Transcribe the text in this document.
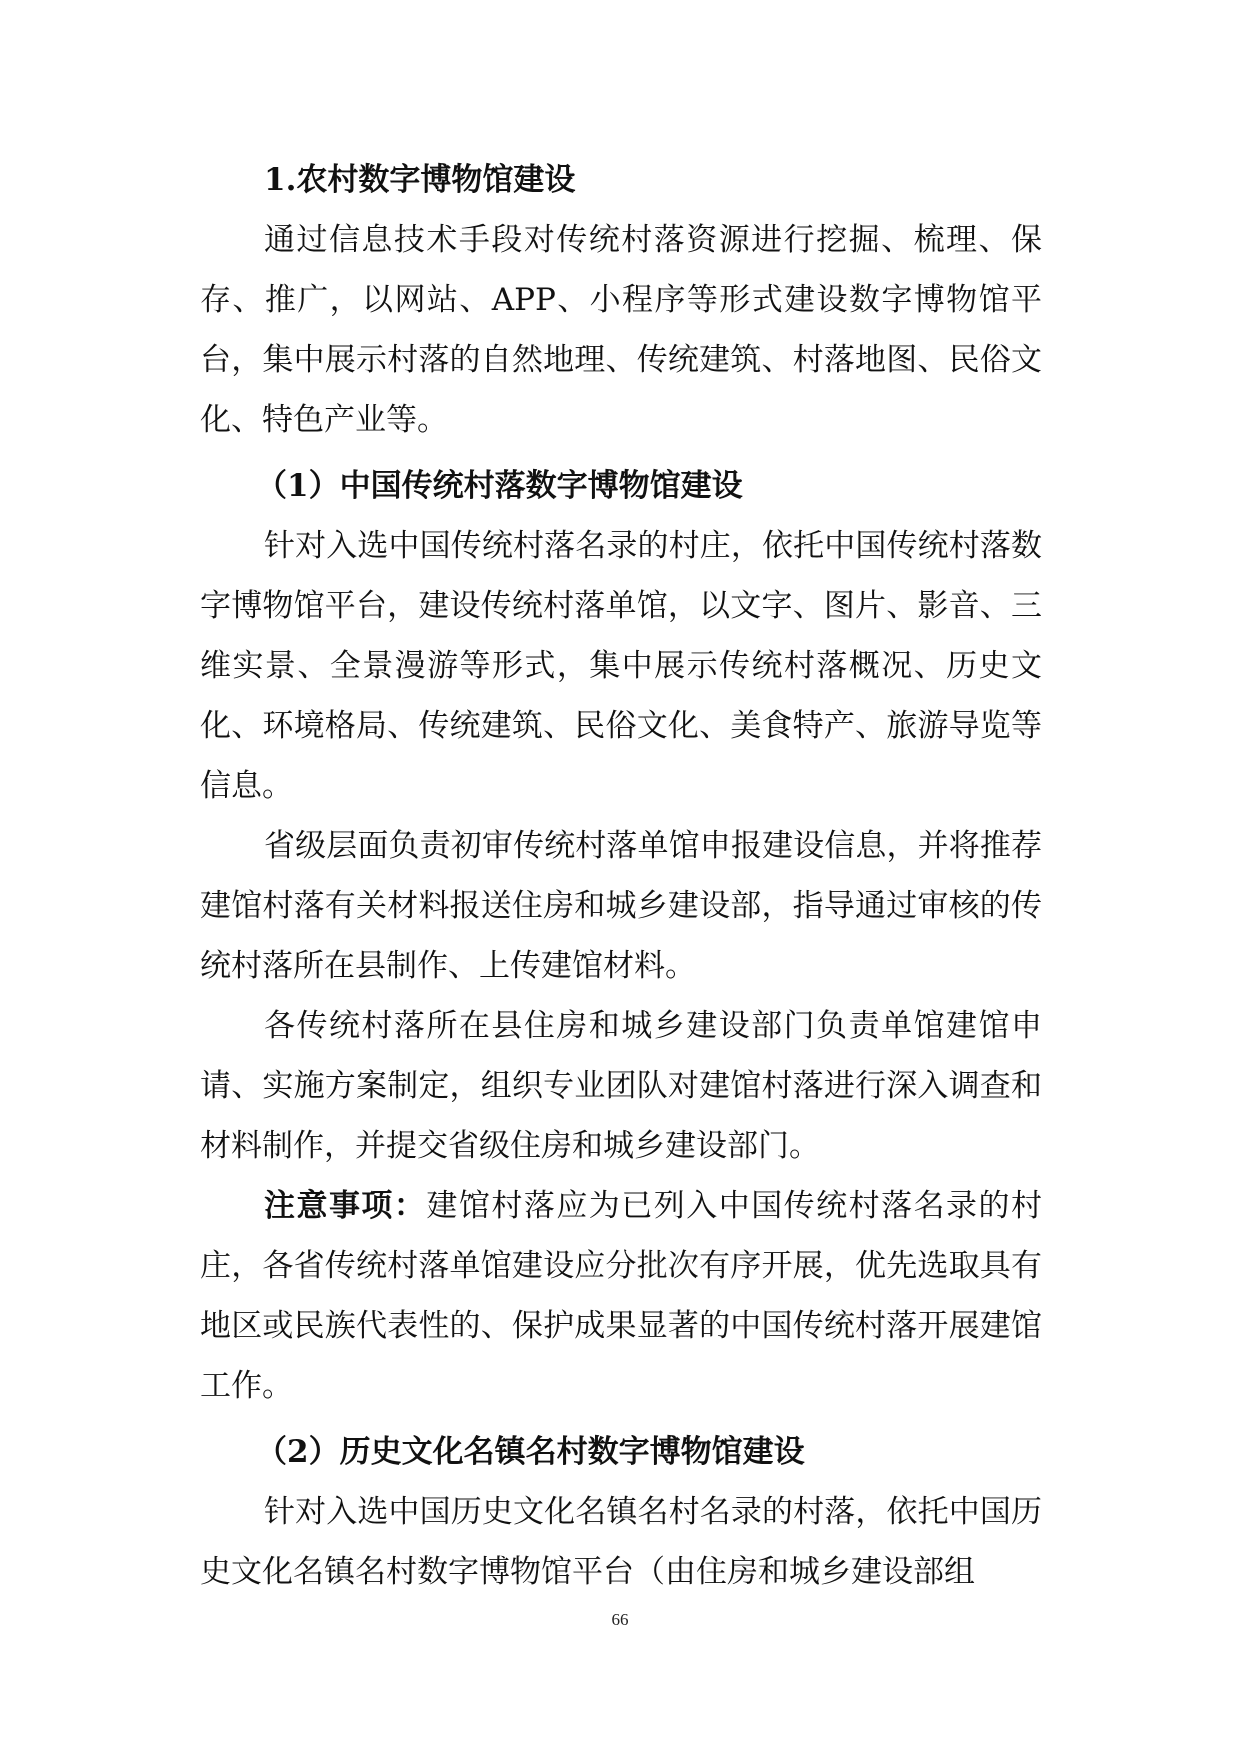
1.农村数字博物馆建设

通过信息技术手段对传统村落资源进行挖掘、梳理、保存、推广，以网站、APP、小程序等形式建设数字博物馆平台，集中展示村落的自然地理、传统建筑、村落地图、民俗文化、特色产业等。

（1）中国传统村落数字博物馆建设

针对入选中国传统村落名录的村庄，依托中国传统村落数字博物馆平台，建设传统村落单馆，以文字、图片、影音、三维实景、全景漫游等形式，集中展示传统村落概况、历史文化、环境格局、传统建筑、民俗文化、美食特产、旅游导览等信息。

省级层面负责初审传统村落单馆申报建设信息，并将推荐建馆村落有关材料报送住房和城乡建设部，指导通过审核的传统村落所在县制作、上传建馆材料。

各传统村落所在县住房和城乡建设部门负责单馆建馆申请、实施方案制定，组织专业团队对建馆村落进行深入调查和材料制作，并提交省级住房和城乡建设部门。

注意事项：建馆村落应为已列入中国传统村落名录的村庄，各省传统村落单馆建设应分批次有序开展，优先选取具有地区或民族代表性的、保护成果显著的中国传统村落开展建馆工作。

（2）历史文化名镇名村数字博物馆建设

针对入选中国历史文化名镇名村名录的村落，依托中国历史文化名镇名村数字博物馆平台（由住房和城乡建设部组

66
